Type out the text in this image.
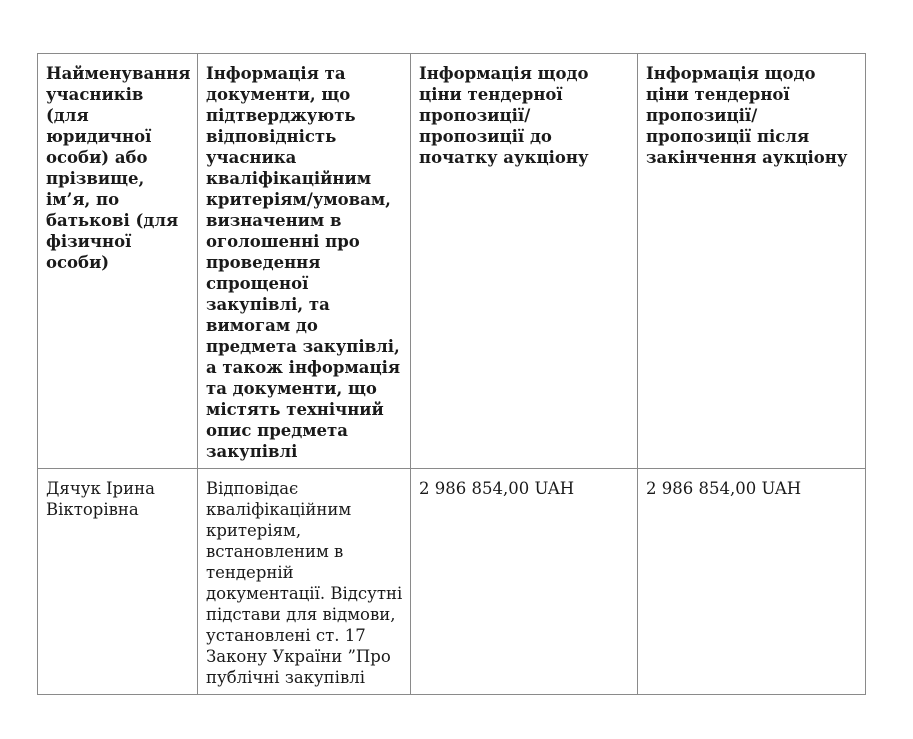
Найменування учасників (для юридичної особи) або прізвище, ім’я, по батькові (для фізичної особи)	Інформація та документи, що підтверджують відповідність учасника кваліфікаційним критеріям/умовам, визначеним в оголошенні про проведення спрощеної закупівлі, та вимогам до предмета закупівлі, а також інформація та документи, що містять технічний опис предмета закупівлі	Інформація щодо ціни тендерної пропозиції/пропозиції до початку аукціону	Інформація щодо ціни тендерної пропозиції/пропозиції після закінчення аукціону
Дячук Ірина Вікторівна	Відповідає кваліфікаційним критеріям, встановленим в тендерній документації. Відсутні підстави для відмови, установлені ст. 17 Закону України ”Про публічні закупівлі	2 986 854,00 UAH	2 986 854,00 UAH
